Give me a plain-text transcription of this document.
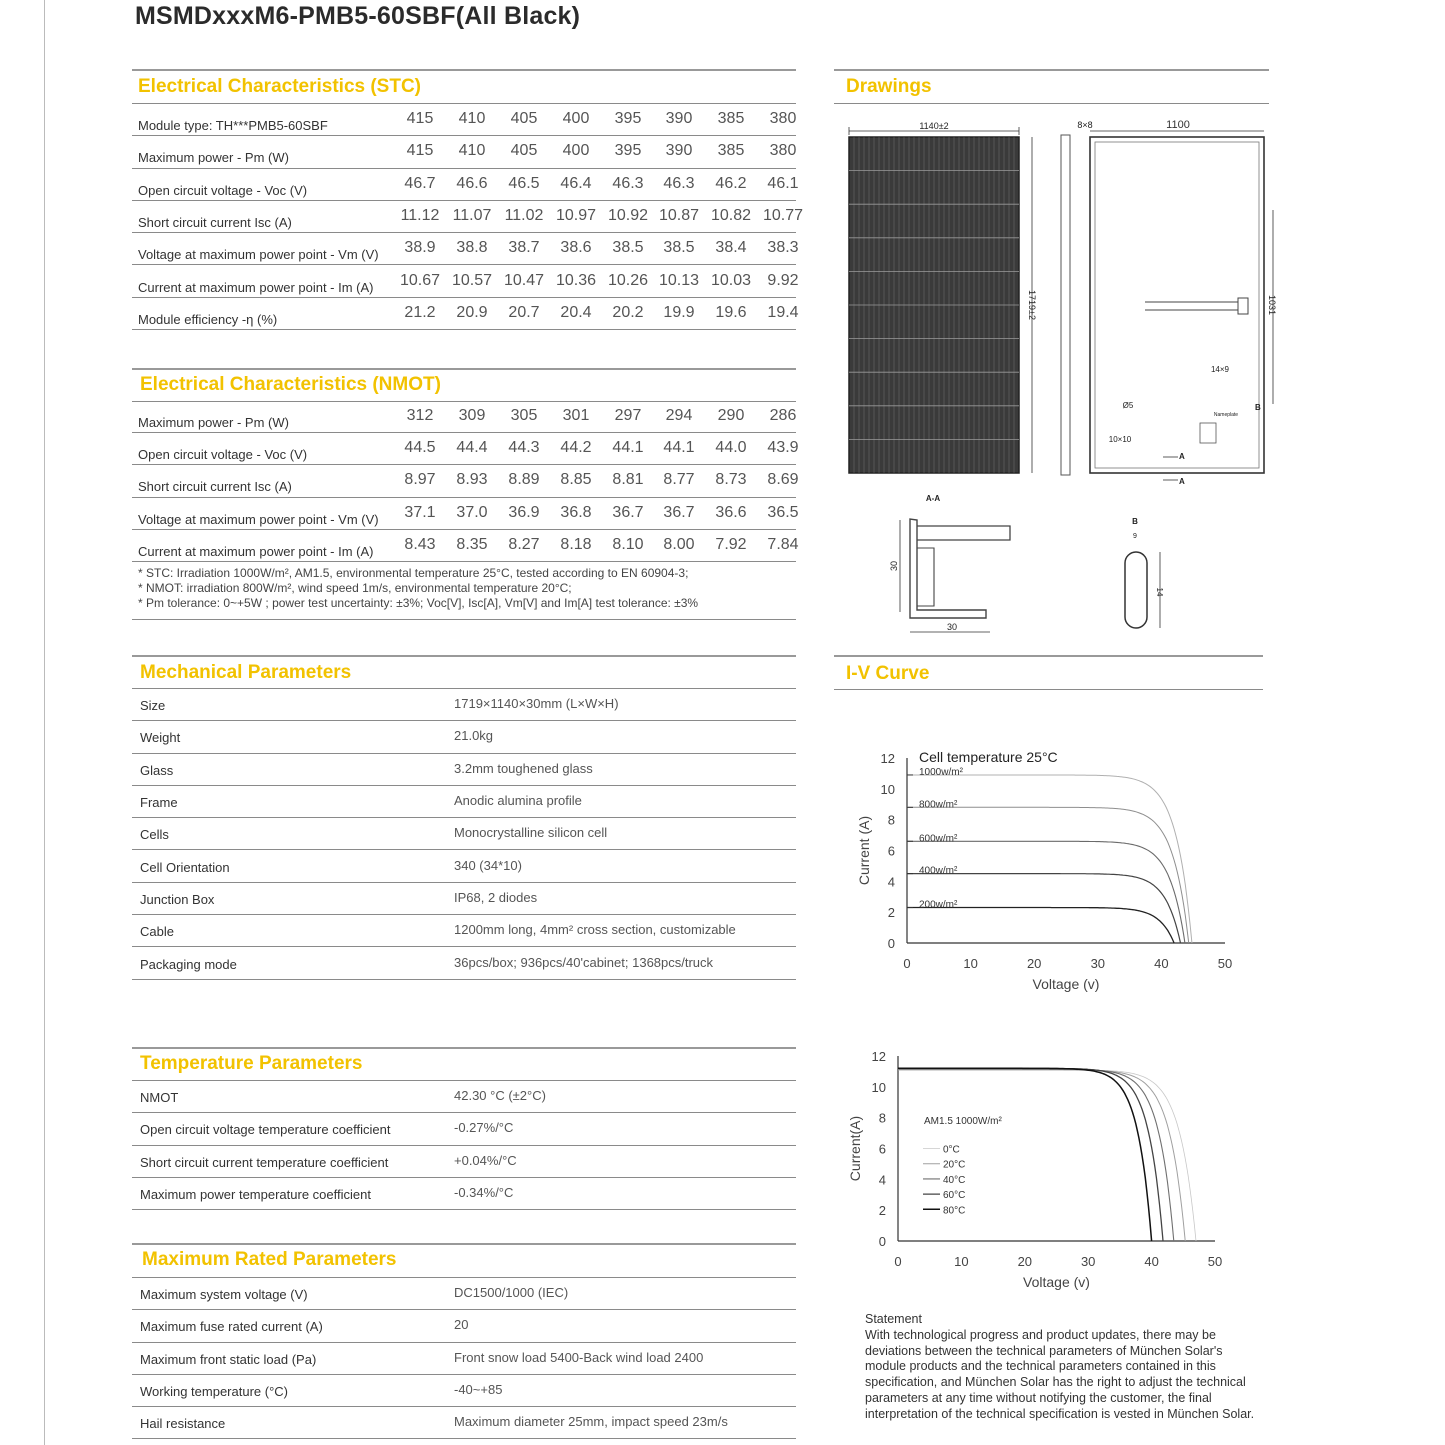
MSMDxxxM6-PMB5-60SBF(All Black)
Electrical Characteristics (STC)
Module type: TH***PMB5-60SBF	415	410	405	400	395	390	385	380
Maximum power - Pm (W)	415	410	405	400	395	390	385	380
Open circuit voltage - Voc (V)	46.7	46.6	46.5	46.4	46.3	46.3	46.2	46.1
Short circuit current Isc (A)	11.12 11.07 11.02 10.97 10.92 10.87 10.82 10.77
Voltage at maximum power point - Vm (V)	38.9	38.8	38.7	38.6	38.5	38.5	38.4	38.3
Current at maximum power point - Im (A)	10.67 10.57 10.47 10.36 10.26 10.13 10.03	9.92
Module efficiency -η (%)	21.2	20.9	20.7	20.4	20.2	19.9	19.6	19.4
Electrical Characteristics (NMOT)
Maximum power - Pm (W)	312	309	305	301	297	294	290	286
Open circuit voltage - Voc (V)	44.5	44.4	44.3	44.2	44.1	44.1	44.0	43.9
Short circuit current Isc (A)	8.97	8.93	8.89	8.85	8.81	8.77	8.73	8.69
Voltage at maximum power point - Vm (V)	37.1	37.0	36.9	36.8	36.7	36.7	36.6	36.5
Current at maximum power point - Im (A)	8.43	8.35	8.27	8.18	8.10	8.00	7.92	7.84
* STC: Irradiation 1000W/m², AM1.5, environmental temperature 25°C, tested according to EN 60904-3;
* NMOT: irradiation 800W/m², wind speed 1m/s, environmental temperature 20°C;
* Pm tolerance: 0~+5W ; power test uncertainty: ±3%; Voc[V], Isc[A], Vm[V] and Im[A] test tolerance: ±3%
Mechanical Parameters
Size	1719×1140×30mm (L×W×H)
Weight	21.0kg
Glass	3.2mm toughened glass
Frame	Anodic alumina profile
Cells	Monocrystalline silicon cell
Cell Orientation	340 (34*10)
Junction Box	IP68, 2 diodes
Cable	1200mm long, 4mm² cross section, customizable
Packaging mode	36pcs/box; 936pcs/40'cabinet; 1368pcs/truck
Temperature Parameters
NMOT	42.30 °C (±2°C)
Open circuit voltage temperature coefficient	-0.27%/°C
Short circuit current temperature coefficient	+0.04%/°C
Maximum power temperature coefficient	-0.34%/°C
Maximum Rated Parameters
Maximum system voltage (V)	DC1500/1000 (IEC)
Maximum fuse rated current (A)	20
Maximum front static load (Pa)	Front snow load 5400-Back wind load 2400
Working temperature (°C)	-40~+85
Hail resistance	Maximum diameter 25mm, impact speed 23m/s
Drawings
1140±2
1719±2
8×8	1100
1031
14×9
Ø5
10×10
Nameplate
B
A
A
A-A
30
30
B
9
14
I-V Curve
0	10	20	30	40	50
0
2
4
6
8
10
12
Voltage (v)
Current (A)
Cell temperature 25°C
1000w/m²
800w/m²
600w/m²
400w/m²
200w/m²
0	10	20	30	40	50
0
2
4
6
8
10
12
Voltage (v)
Current(A)	AM1.5 1000W/m²
0°C
20°C
40°C
60°C
80°C
Statement
With technological progress and product updates, there may be deviations between the technical parameters of München Solar's module products and the technical parameters contained in this specification, and München Solar has the right to adjust the technical parameters at any time without notifying the customer, the final interpretation of the technical specification is vested in München Solar.
